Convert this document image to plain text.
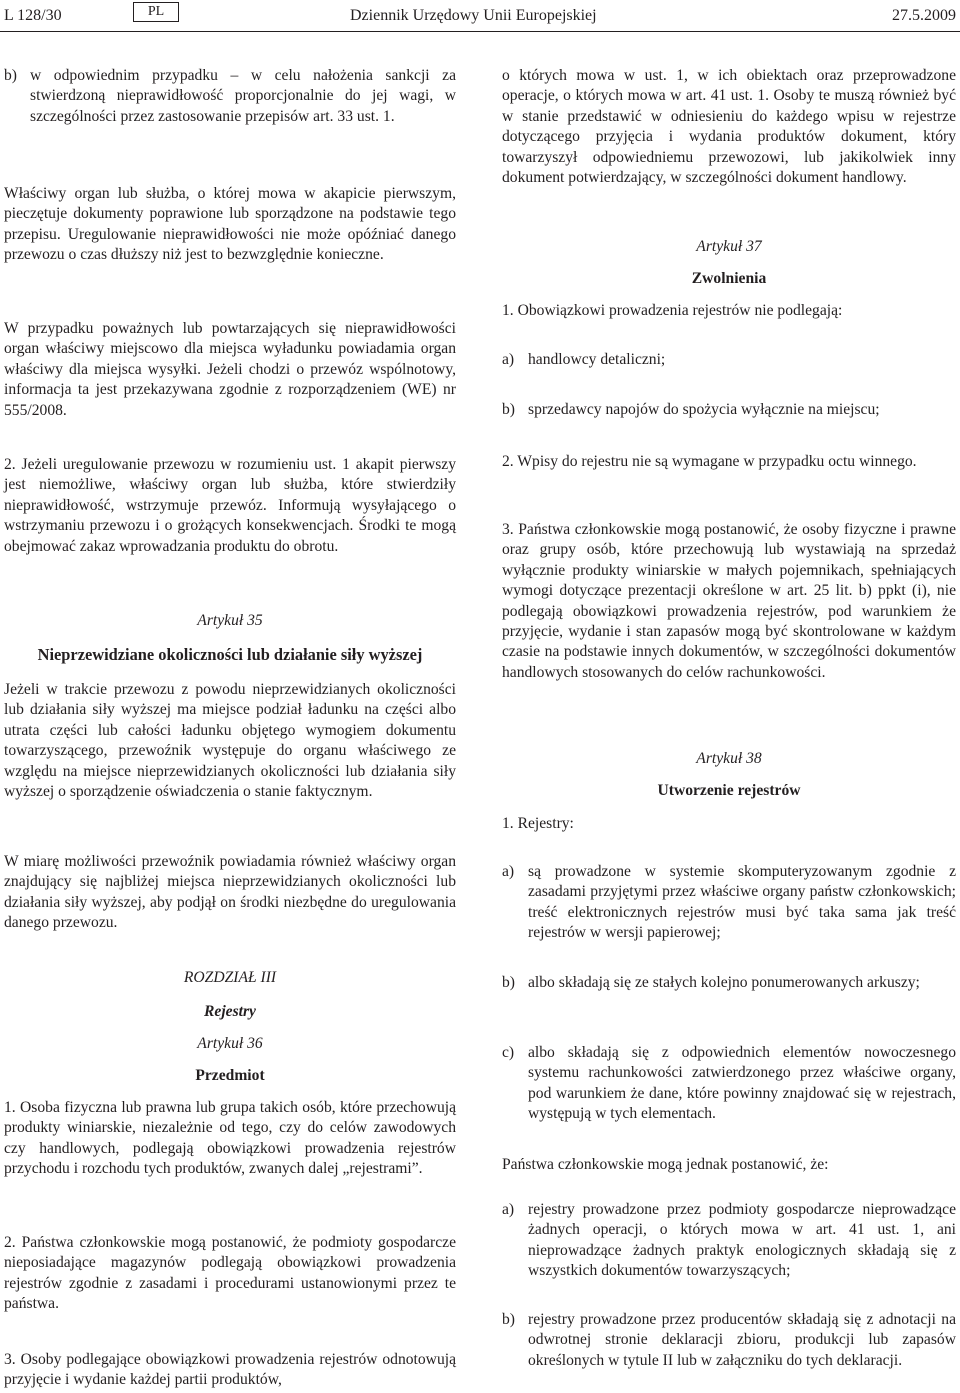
L 128/30	PL	Dziennik Urzędowy Unii Europejskiej	27.5.2009
b) w odpowiednim przypadku – w celu nałożenia sankcji za stwierdzoną nieprawidłowość proporcjonalnie do jej wagi, w szczególności przez zastosowanie przepisów art. 33 ust. 1.

Właściwy organ lub służba, o której mowa w akapicie pierwszym, pieczętuje dokumenty poprawione lub sporządzone na podstawie tego przepisu. Uregulowanie nieprawidłowości nie może opóźniać danego przewozu o czas dłuższy niż jest to bezwzględnie konieczne.

W przypadku poważnych lub powtarzających się nieprawidłowości organ właściwy miejscowo dla miejsca wyładunku powiadamia organ właściwy dla miejsca wysyłki. Jeżeli chodzi o przewóz wspólnotowy, informacja ta jest przekazywana zgodnie z rozporządzeniem (WE) nr 555/2008.

2. Jeżeli uregulowanie przewozu w rozumieniu ust. 1 akapit pierwszy jest niemożliwe, właściwy organ lub służba, które stwierdziły nieprawidłowość, wstrzymuje przewóz. Informują wysyłającego o wstrzymaniu przewozu i o grożących konsekwencjach. Środki te mogą obejmować zakaz wprowadzania produktu do obrotu.

Artykuł 35

Nieprzewidziane okoliczności lub działanie siły wyższej

Jeżeli w trakcie przewozu z powodu nieprzewidzianych okoliczności lub działania siły wyższej ma miejsce podział ładunku na części albo utrata części lub całości ładunku objętego wymogiem dokumentu towarzyszącego, przewoźnik występuje do organu właściwego ze względu na miejsce nieprzewidzianych okoliczności lub działania siły wyższej o sporządzenie oświadczenia o stanie faktycznym.

W miarę możliwości przewoźnik powiadamia również właściwy organ znajdujący się najbliżej miejsca nieprzewidzianych okoliczności lub działania siły wyższej, aby podjął on środki niezbędne do uregulowania danego przewozu.

ROZDZIAŁ III

Rejestry

Artykuł 36

Przedmiot

1. Osoba fizyczna lub prawna lub grupa takich osób, które przechowują produkty winiarskie, niezależnie od tego, czy do celów zawodowych czy handlowych, podlegają obowiązkowi prowadzenia rejestrów przychodu i rozchodu tych produktów, zwanych dalej „rejestrami”.

2. Państwa członkowskie mogą postanowić, że podmioty gospodarcze nieposiadające magazynów podlegają obowiązkowi prowadzenia rejestrów zgodnie z zasadami i procedurami ustanowionymi przez te państwa.

3. Osoby podlegające obowiązkowi prowadzenia rejestrów odnotowują przyjęcie i wydanie każdej partii produktów,

o których mowa w ust. 1, w ich obiektach oraz przeprowadzone operacje, o których mowa w art. 41 ust. 1. Osoby te muszą również być w stanie przedstawić w odniesieniu do każdego wpisu w rejestrze dotyczącego przyjęcia i wydania produktów dokument, który towarzyszył odpowiedniemu przewozowi, lub jakikolwiek inny dokument potwierdzający, w szczególności dokument handlowy.

Artykuł 37

Zwolnienia

1. Obowiązkowi prowadzenia rejestrów nie podlegają:

a) handlowcy detaliczni;
b) sprzedawcy napojów do spożycia wyłącznie na miejscu;

2. Wpisy do rejestru nie są wymagane w przypadku octu winnego.

3. Państwa członkowskie mogą postanowić, że osoby fizyczne i prawne oraz grupy osób, które przechowują lub wystawiają na sprzedaż wyłącznie produkty winiarskie w małych pojemnikach, spełniających wymogi dotyczące prezentacji określone w art. 25 lit. b) ppkt (i), nie podlegają obowiązkowi prowadzenia rejestrów, pod warunkiem że przyjęcie, wydanie i stan zapasów mogą być skontrolowane w każdym czasie na podstawie innych dokumentów, w szczególności dokumentów handlowych stosowanych do celów rachunkowości.

Artykuł 38

Utworzenie rejestrów

1. Rejestry:

a) są prowadzone w systemie skomputeryzowanym zgodnie z zasadami przyjętymi przez właściwe organy państw członkowskich; treść elektronicznych rejestrów musi być taka sama jak treść rejestrów w wersji papierowej;
b) albo składają się ze stałych kolejno ponumerowanych arkuszy;
c) albo składają się z odpowiednich elementów nowoczesnego systemu rachunkowości zatwierdzonego przez właściwe organy, pod warunkiem że dane, które powinny znajdować się w rejestrach, występują w tych elementach.

Państwa członkowskie mogą jednak postanowić, że:

a) rejestry prowadzone przez podmioty gospodarcze nieprowadzące żadnych operacji, o których mowa w art. 41 ust. 1, ani nieprowadzące żadnych praktyk enologicznych składają się z wszystkich dokumentów towarzyszących;
b) rejestry prowadzone przez producentów składają się z adnotacji na odwrotnej stronie deklaracji zbioru, produkcji lub zapasów określonych w tytule II lub w załączniku do tych deklaracji.
